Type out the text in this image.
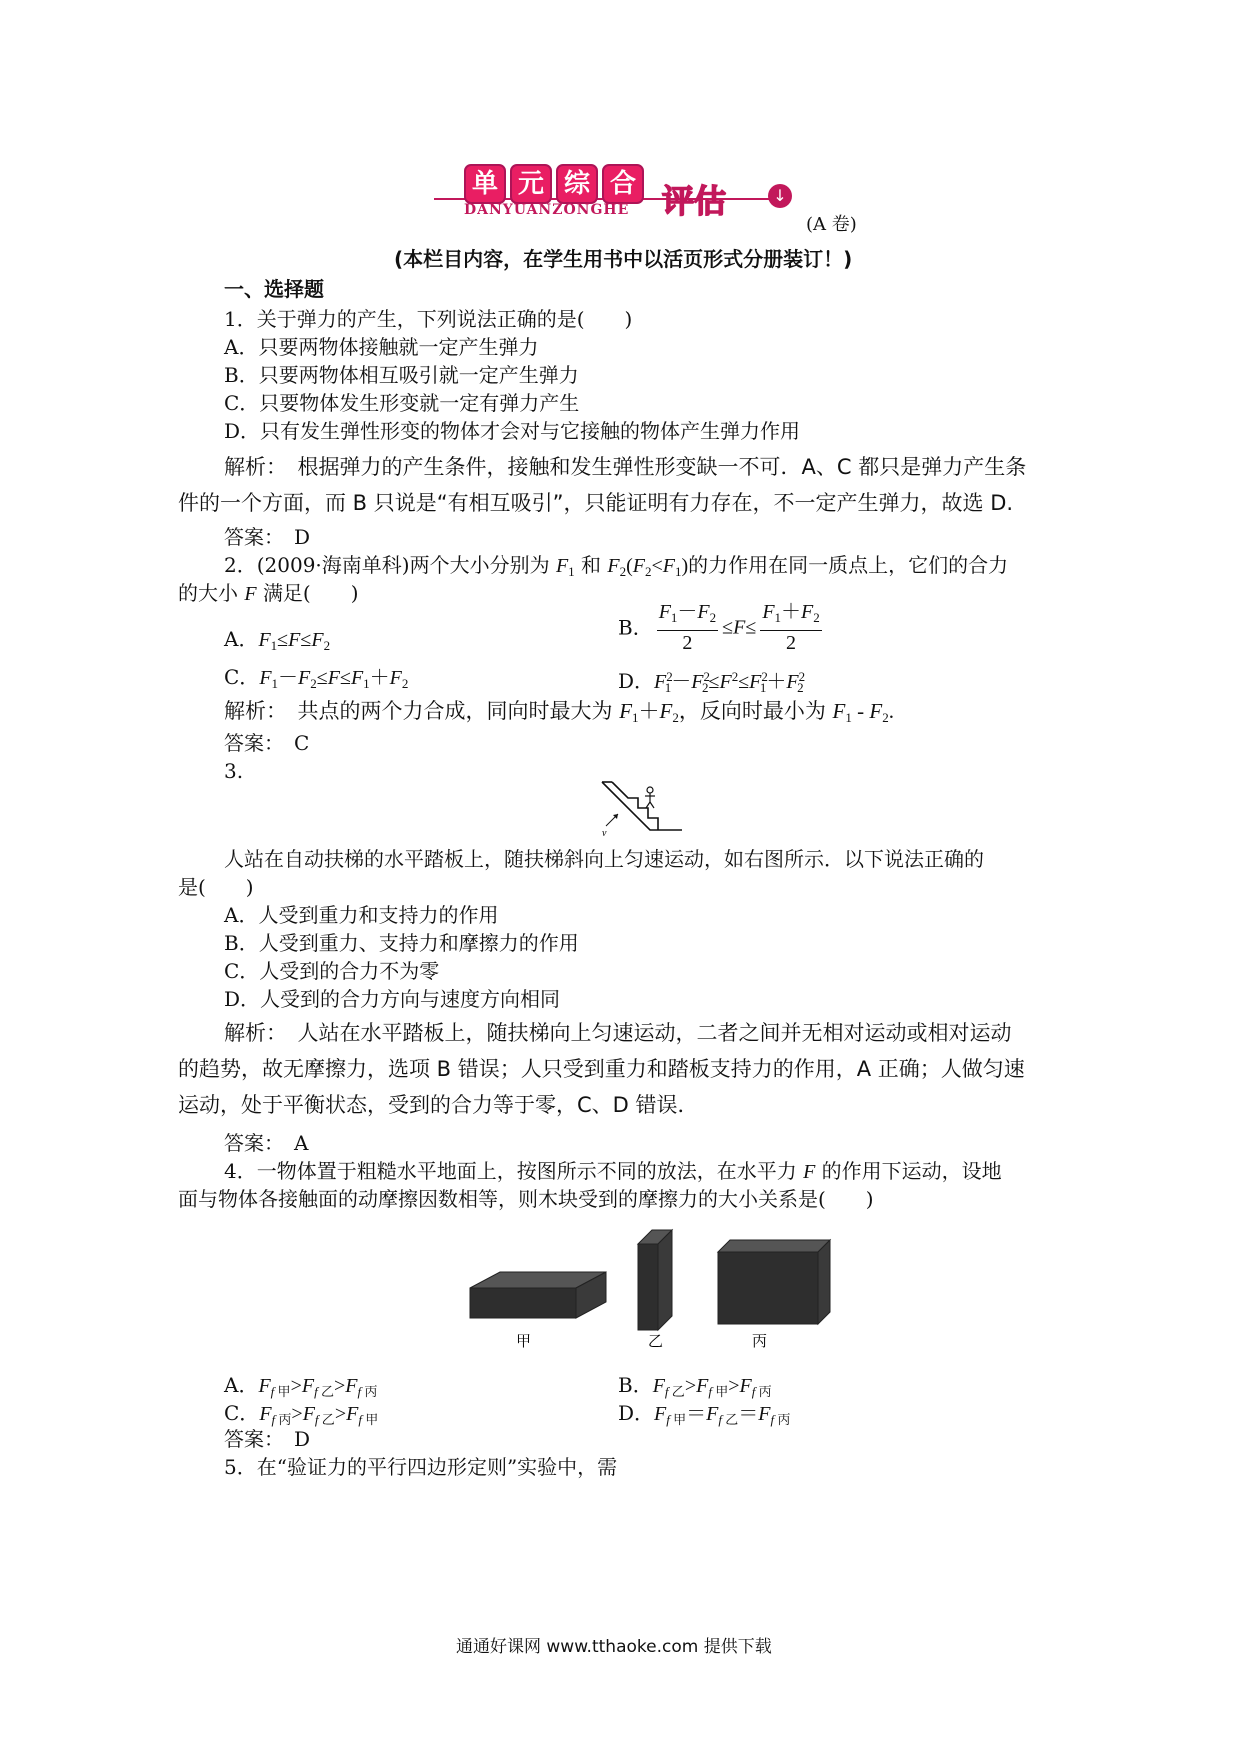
单 元 综 合
DANYUANZONGHE 评估	↓
(A 卷)
(本栏目内容，在学生用书中以活页形式分册装订！)
一、选择题
1．关于弹力的产生，下列说法正确的是(　　)
A．只要两物体接触就一定产生弹力
B．只要两物体相互吸引就一定产生弹力
C．只要物体发生形变就一定有弹力产生
D．只有发生弹性形变的物体才会对与它接触的物体产生弹力作用
解析：　根据弹力的产生条件，接触和发生弹性形变缺一不可．A、C 都只是弹力产生条
件的一个方面，而 B 只说是“有相互吸引”，只能证明有力存在，不一定产生弹力，故选 D.
答案：　D
2．(2009·海南单科)两个大小分别为 $F_1$ 和 $F_2(F_2<F_1)$的力作用在同一质点上，它们的合力
的大小 F 满足(　　)
A．$F_1\le F\le F_2$
B． $\frac{F_1-F_2}{2} \le F\le \frac{F_1+F_2}{2}$
C．$F_1-F_2\le F\le F_1+F_2$	D．$F^2_1-F^2_2\le F^2\le F^2_1+F^2_2$
解析：　共点的两个力合成，同向时最大为 $F_1+F_2$，反向时最小为 $F_1 - F_2$.
答案：　C
3.
v
人站在自动扶梯的水平踏板上，随扶梯斜向上匀速运动，如右图所示．以下说法正确的
是(　　)
A．人受到重力和支持力的作用
B．人受到重力、支持力和摩擦力的作用
C．人受到的合力不为零
D．人受到的合力方向与速度方向相同
解析：　人站在水平踏板上，随扶梯向上匀速运动，二者之间并无相对运动或相对运动
的趋势，故无摩擦力，选项 B 错误；人只受到重力和踏板支持力的作用，A 正确；人做匀速
运动，处于平衡状态，受到的合力等于零，C、D 错误．
答案：　A
4．一物体置于粗糙水平地面上，按图所示不同的放法，在水平力 F 的作用下运动，设地
面与物体各接触面的动摩擦因数相等，则木块受到的摩擦力的大小关系是(　　)
甲	乙	丙
A．$F_{f 甲}>F_{f 乙}>F_{f 丙}$	B．$F_{f 乙}>F_{f 甲}>F_{f 丙}$
C．$F_{f 丙}>F_{f 乙}>F_{f 甲}$	D．$F_{f 甲}=F_{f 乙}=F_{f 丙}$
答案：　D
5．在“验证力的平行四边形定则”实验中，需
通通好课网 www.tthaoke.com 提供下载
